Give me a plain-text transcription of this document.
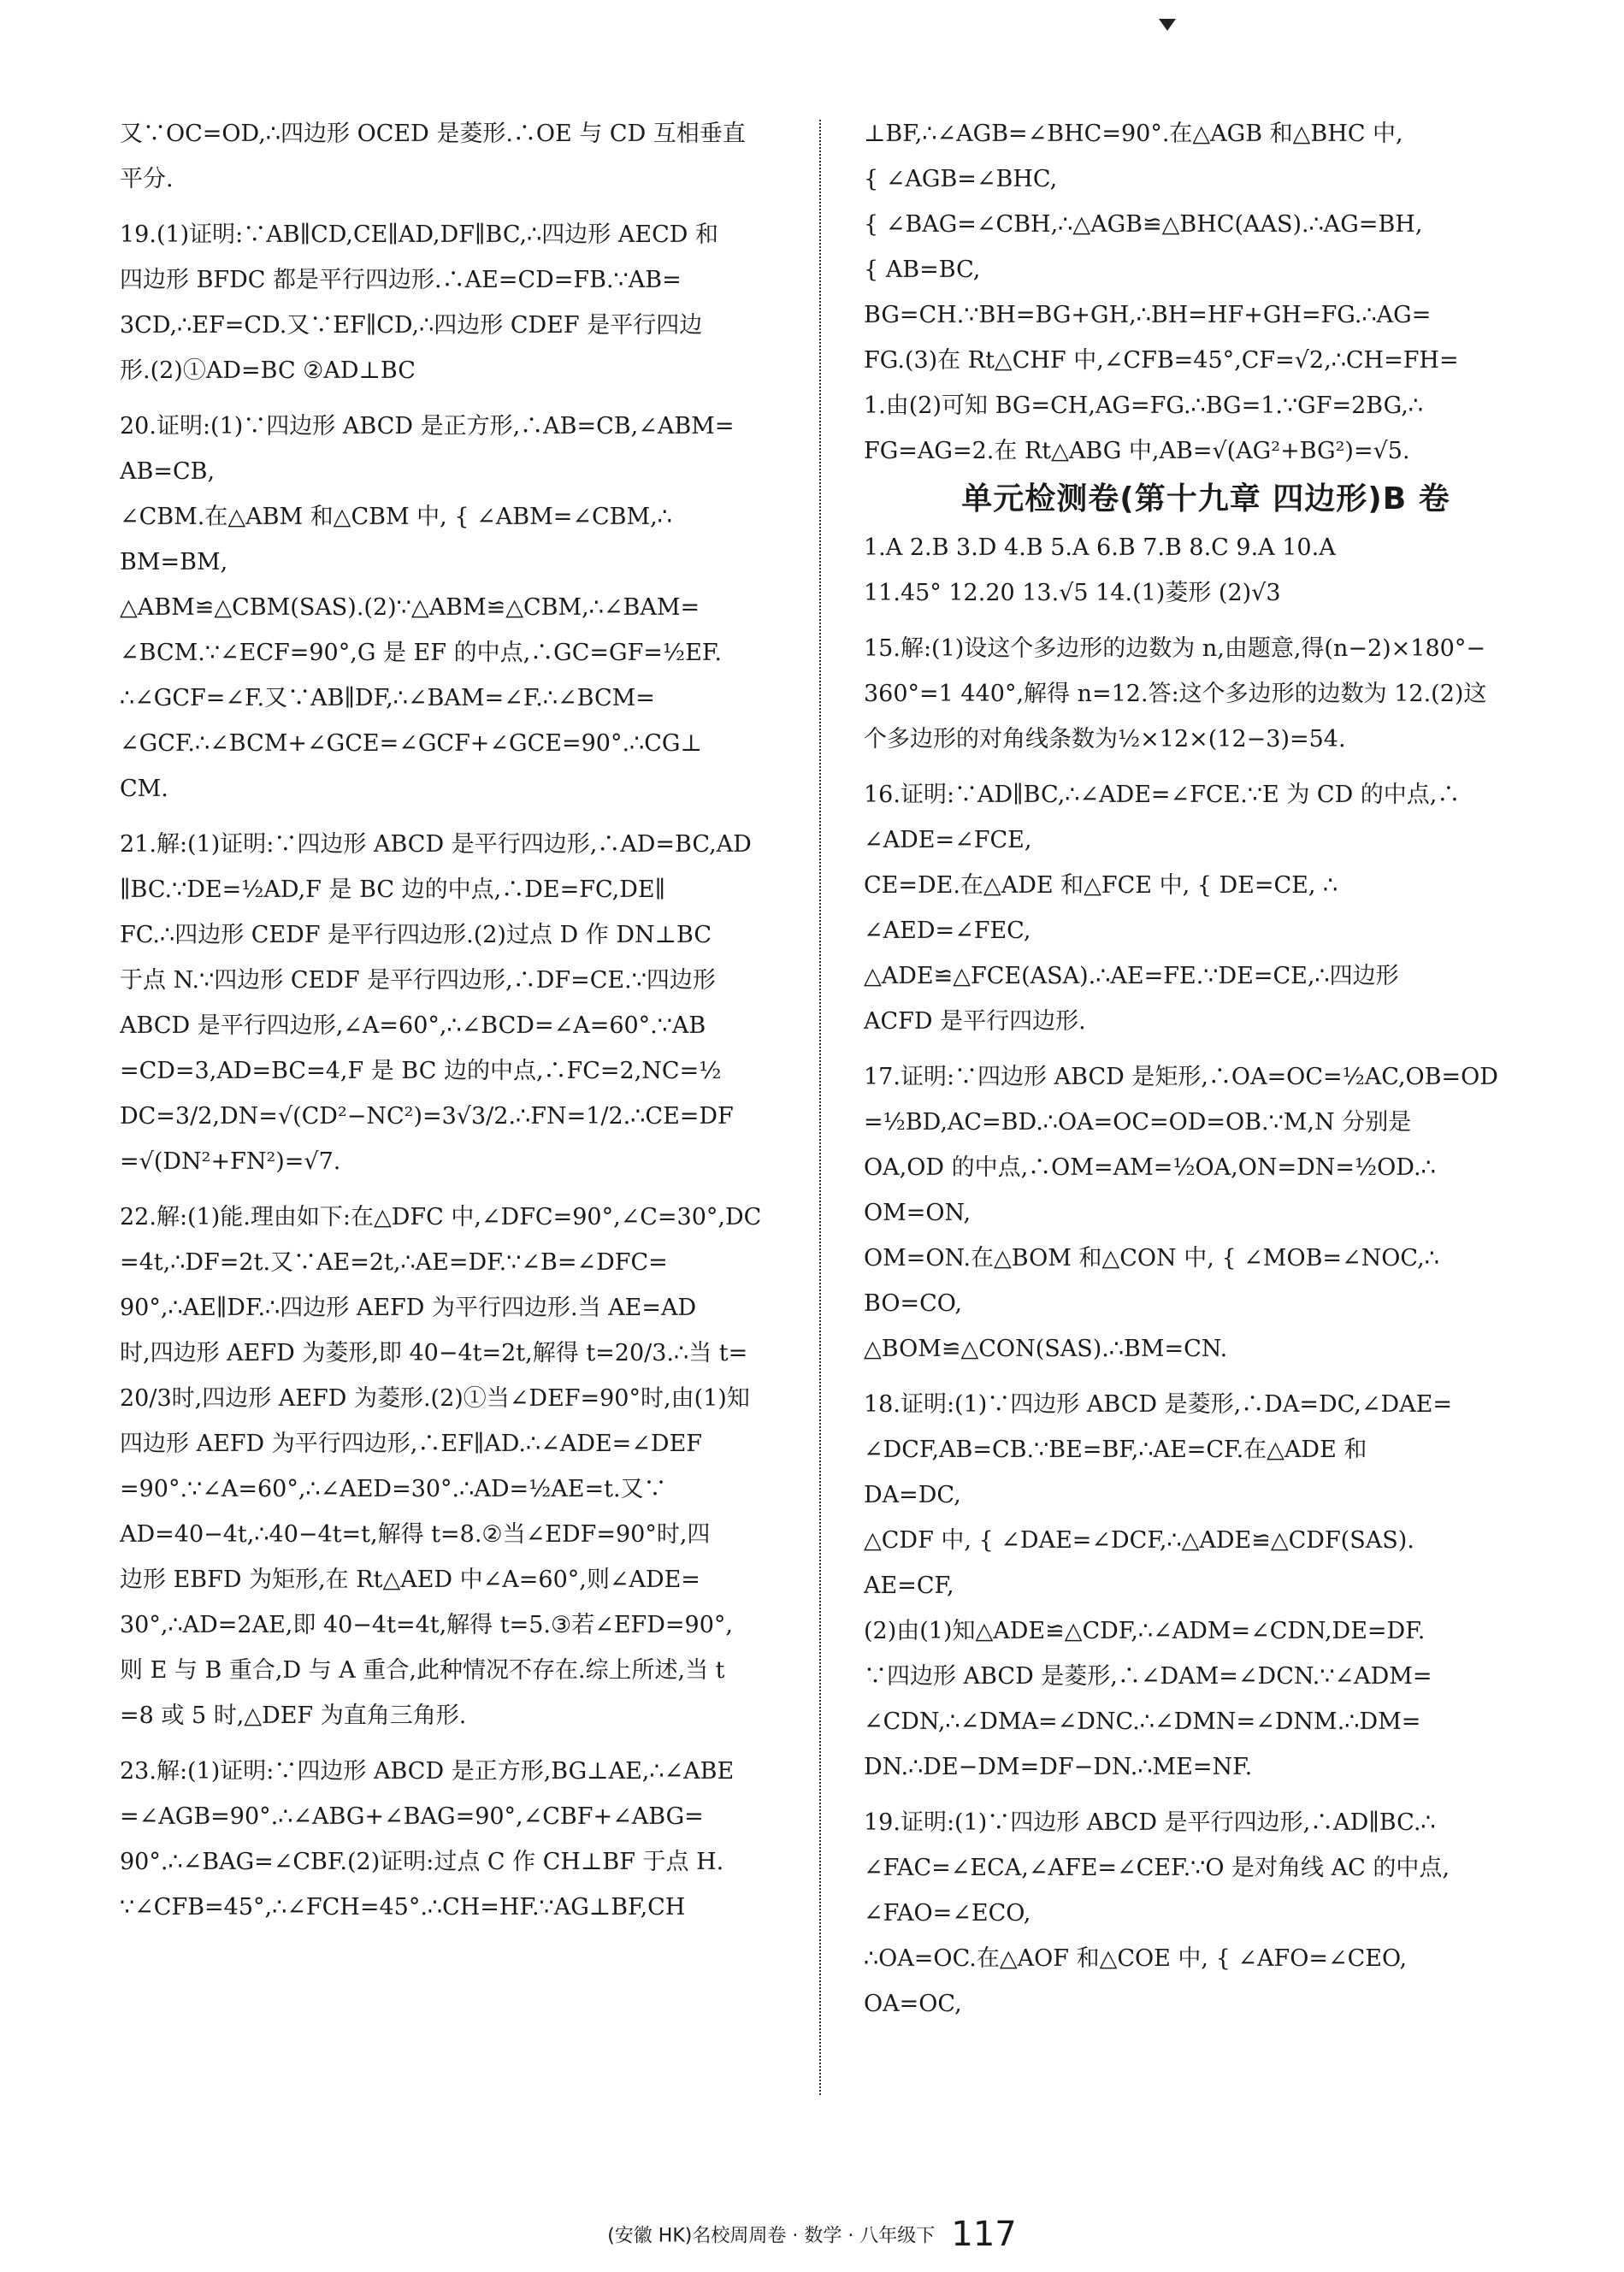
又∵OC=OD,∴四边形 OCED 是菱形.∴OE 与 CD 互相垂直
平分.
19.(1)证明:∵AB∥CD,CE∥AD,DF∥BC,∴四边形 AECD 和
四边形 BFDC 都是平行四边形.∴AE=CD=FB.∵AB=
3CD,∴EF=CD.又∵EF∥CD,∴四边形 CDEF 是平行四边
形.(2)①AD=BC ②AD⊥BC
20.证明:(1)∵四边形 ABCD 是正方形,∴AB=CB,∠ABM=
AB=CB,
∠CBM.在△ABM 和△CBM 中, { ∠ABM=∠CBM,∴
BM=BM,
△ABM≌△CBM(SAS).(2)∵△ABM≌△CBM,∴∠BAM=
∠BCM.∵∠ECF=90°,G 是 EF 的中点,∴GC=GF=½EF.
∴∠GCF=∠F.又∵AB∥DF,∴∠BAM=∠F.∴∠BCM=
∠GCF.∴∠BCM+∠GCE=∠GCF+∠GCE=90°.∴CG⊥
CM.
21.解:(1)证明:∵四边形 ABCD 是平行四边形,∴AD=BC,AD
∥BC.∵DE=½AD,F 是 BC 边的中点,∴DE=FC,DE∥
FC.∴四边形 CEDF 是平行四边形.(2)过点 D 作 DN⊥BC
于点 N.∵四边形 CEDF 是平行四边形,∴DF=CE.∵四边形
ABCD 是平行四边形,∠A=60°,∴∠BCD=∠A=60°.∵AB
=CD=3,AD=BC=4,F 是 BC 边的中点,∴FC=2,NC=½
DC=3/2,DN=√(CD²−NC²)=3√3/2.∴FN=1/2.∴CE=DF
=√(DN²+FN²)=√7.
22.解:(1)能.理由如下:在△DFC 中,∠DFC=90°,∠C=30°,DC
=4t,∴DF=2t.又∵AE=2t,∴AE=DF.∵∠B=∠DFC=
90°,∴AE∥DF.∴四边形 AEFD 为平行四边形.当 AE=AD
时,四边形 AEFD 为菱形,即 40−4t=2t,解得 t=20/3.∴当 t=
20/3时,四边形 AEFD 为菱形.(2)①当∠DEF=90°时,由(1)知
四边形 AEFD 为平行四边形,∴EF∥AD.∴∠ADE=∠DEF
=90°.∵∠A=60°,∴∠AED=30°.∴AD=½AE=t.又∵
AD=40−4t,∴40−4t=t,解得 t=8.②当∠EDF=90°时,四
边形 EBFD 为矩形,在 Rt△AED 中∠A=60°,则∠ADE=
30°,∴AD=2AE,即 40−4t=4t,解得 t=5.③若∠EFD=90°,
则 E 与 B 重合,D 与 A 重合,此种情况不存在.综上所述,当 t
=8 或 5 时,△DEF 为直角三角形.
23.解:(1)证明:∵四边形 ABCD 是正方形,BG⊥AE,∴∠ABE
=∠AGB=90°.∴∠ABG+∠BAG=90°,∠CBF+∠ABG=
90°.∴∠BAG=∠CBF.(2)证明:过点 C 作 CH⊥BF 于点 H.
∵∠CFB=45°,∴∠FCH=45°.∴CH=HF.∵AG⊥BF,CH
⊥BF,∴∠AGB=∠BHC=90°.在△AGB 和△BHC 中,
{ ∠AGB=∠BHC,
{ ∠BAG=∠CBH,∴△AGB≌△BHC(AAS).∴AG=BH,
{ AB=BC,
BG=CH.∵BH=BG+GH,∴BH=HF+GH=FG.∴AG=
FG.(3)在 Rt△CHF 中,∠CFB=45°,CF=√2,∴CH=FH=
1.由(2)可知 BG=CH,AG=FG.∴BG=1.∵GF=2BG,∴
FG=AG=2.在 Rt△ABG 中,AB=√(AG²+BG²)=√5.
单元检测卷(第十九章 四边形)B 卷
1.A 2.B 3.D 4.B 5.A 6.B 7.B 8.C 9.A 10.A
11.45° 12.20 13.√5 14.(1)菱形 (2)√3
15.解:(1)设这个多边形的边数为 n,由题意,得(n−2)×180°−
360°=1 440°,解得 n=12.答:这个多边形的边数为 12.(2)这
个多边形的对角线条数为½×12×(12−3)=54.
16.证明:∵AD∥BC,∴∠ADE=∠FCE.∵E 为 CD 的中点,∴
∠ADE=∠FCE,
CE=DE.在△ADE 和△FCE 中, { DE=CE, ∴
∠AED=∠FEC,
△ADE≌△FCE(ASA).∴AE=FE.∵DE=CE,∴四边形
ACFD 是平行四边形.
17.证明:∵四边形 ABCD 是矩形,∴OA=OC=½AC,OB=OD
=½BD,AC=BD.∴OA=OC=OD=OB.∵M,N 分别是
OA,OD 的中点,∴OM=AM=½OA,ON=DN=½OD.∴
OM=ON,
OM=ON.在△BOM 和△CON 中, { ∠MOB=∠NOC,∴
BO=CO,
△BOM≌△CON(SAS).∴BM=CN.
18.证明:(1)∵四边形 ABCD 是菱形,∴DA=DC,∠DAE=
∠DCF,AB=CB.∵BE=BF,∴AE=CF.在△ADE 和
DA=DC,
△CDF 中, { ∠DAE=∠DCF,∴△ADE≌△CDF(SAS).
AE=CF,
(2)由(1)知△ADE≌△CDF,∴∠ADM=∠CDN,DE=DF.
∵四边形 ABCD 是菱形,∴∠DAM=∠DCN.∵∠ADM=
∠CDN,∴∠DMA=∠DNC.∴∠DMN=∠DNM.∴DM=
DN.∴DE−DM=DF−DN.∴ME=NF.
19.证明:(1)∵四边形 ABCD 是平行四边形,∴AD∥BC.∴
∠FAC=∠ECA,∠AFE=∠CEF.∵O 是对角线 AC 的中点,
∠FAO=∠ECO,
∴OA=OC.在△AOF 和△COE 中, { ∠AFO=∠CEO,
OA=OC,
(安徽 HK)名校周周卷 · 数学 · 八年级下 117
